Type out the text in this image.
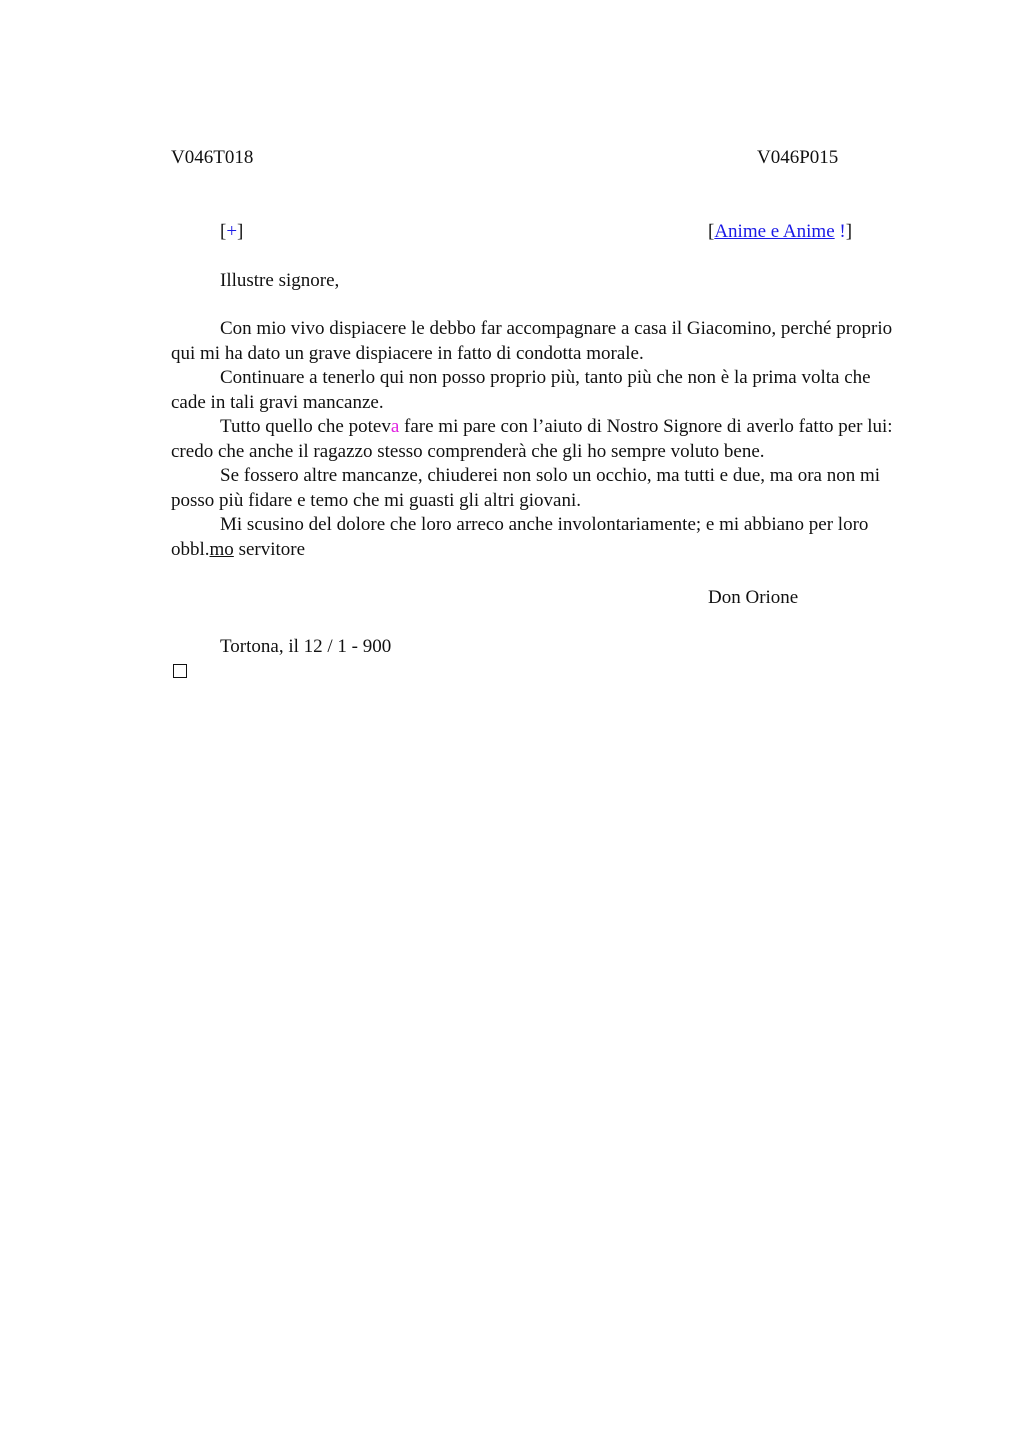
V046T018	V046P015
[+]	[Anime e Anime !]
Illustre signore,

Con mio vivo dispiacere le debbo far accompagnare a casa il Giacomino, perché proprio qui mi ha dato un grave dispiacere in fatto di condotta morale.

Continuare a tenerlo qui non posso proprio più, tanto più che non è la prima volta che cade in tali gravi mancanze.

Tutto quello che poteva fare mi pare con l’aiuto di Nostro Signore di averlo fatto per lui: credo che anche il ragazzo stesso comprenderà che gli ho sempre voluto bene.

Se fossero altre mancanze, chiuderei non solo un occhio, ma tutti e due, ma ora non mi posso più fidare e temo che mi guasti gli altri giovani.

Mi scusino del dolore che loro arreco anche involontariamente; e mi abbiano per loro obbl.mo servitore

Don Orione
Tortona, il 12 / 1 - 900
